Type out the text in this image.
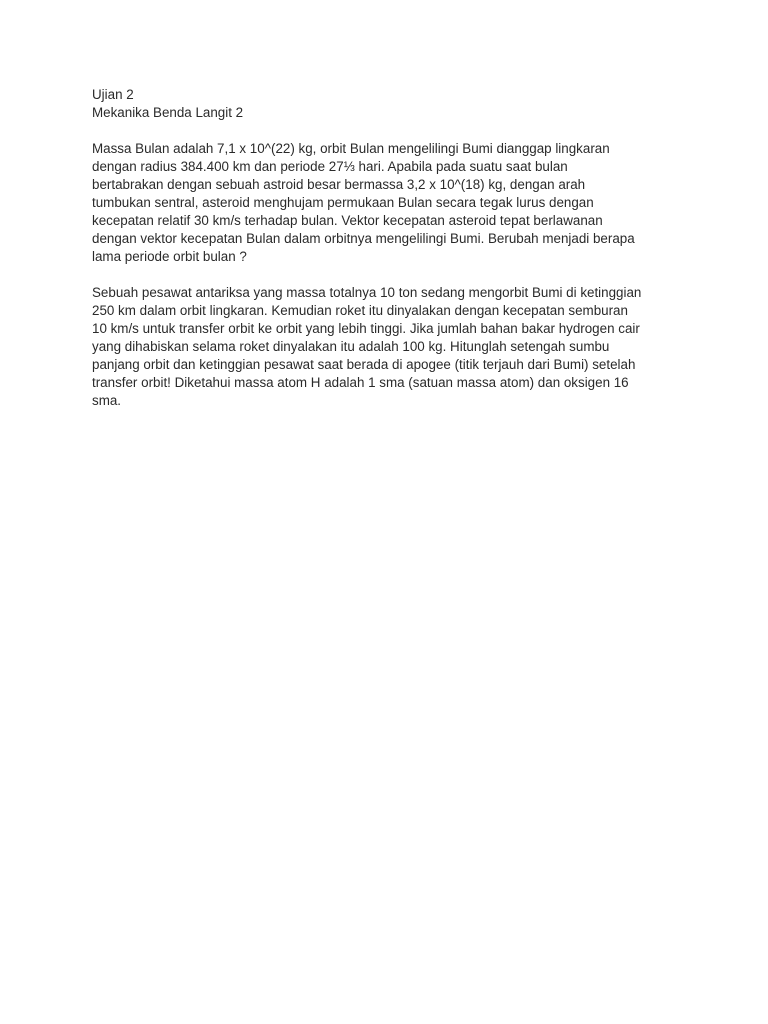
Ujian 2
Mekanika Benda Langit 2
Massa Bulan adalah 7,1 x 10^(22) kg, orbit Bulan mengelilingi Bumi dianggap lingkaran
dengan radius 384.400 km dan periode 27⅓ hari. Apabila pada suatu saat bulan
bertabrakan dengan sebuah astroid besar bermassa 3,2 x 10^(18) kg, dengan arah
tumbukan sentral, asteroid menghujam permukaan Bulan secara tegak lurus dengan
kecepatan relatif 30 km/s terhadap bulan. Vektor kecepatan asteroid tepat berlawanan
dengan vektor kecepatan Bulan dalam orbitnya mengelilingi Bumi. Berubah menjadi berapa
lama periode orbit bulan ?
Sebuah pesawat antariksa yang massa totalnya 10 ton sedang mengorbit Bumi di ketinggian
250 km dalam orbit lingkaran. Kemudian roket itu dinyalakan dengan kecepatan semburan
10 km/s untuk transfer orbit ke orbit yang lebih tinggi. Jika jumlah bahan bakar hydrogen cair
yang dihabiskan selama roket dinyalakan itu adalah 100 kg. Hitunglah setengah sumbu
panjang orbit dan ketinggian pesawat saat berada di apogee (titik terjauh dari Bumi) setelah
transfer orbit! Diketahui massa atom H adalah 1 sma (satuan massa atom) dan oksigen 16
sma.
